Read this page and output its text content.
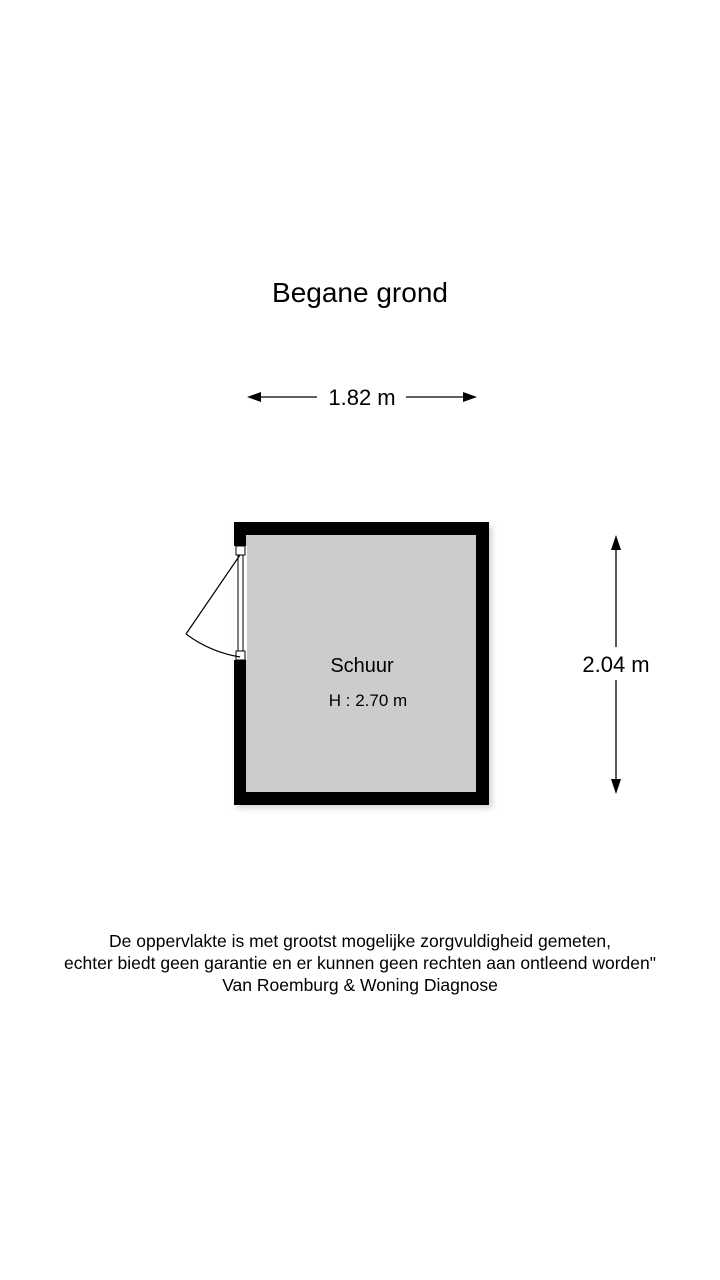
Begane grond
1.82 m
2.04 m
Schuur
H : 2.70 m
De oppervlakte is met grootst mogelijke zorgvuldigheid gemeten,
echter biedt geen garantie en er kunnen geen rechten aan ontleend worden"
Van Roemburg & Woning Diagnose
